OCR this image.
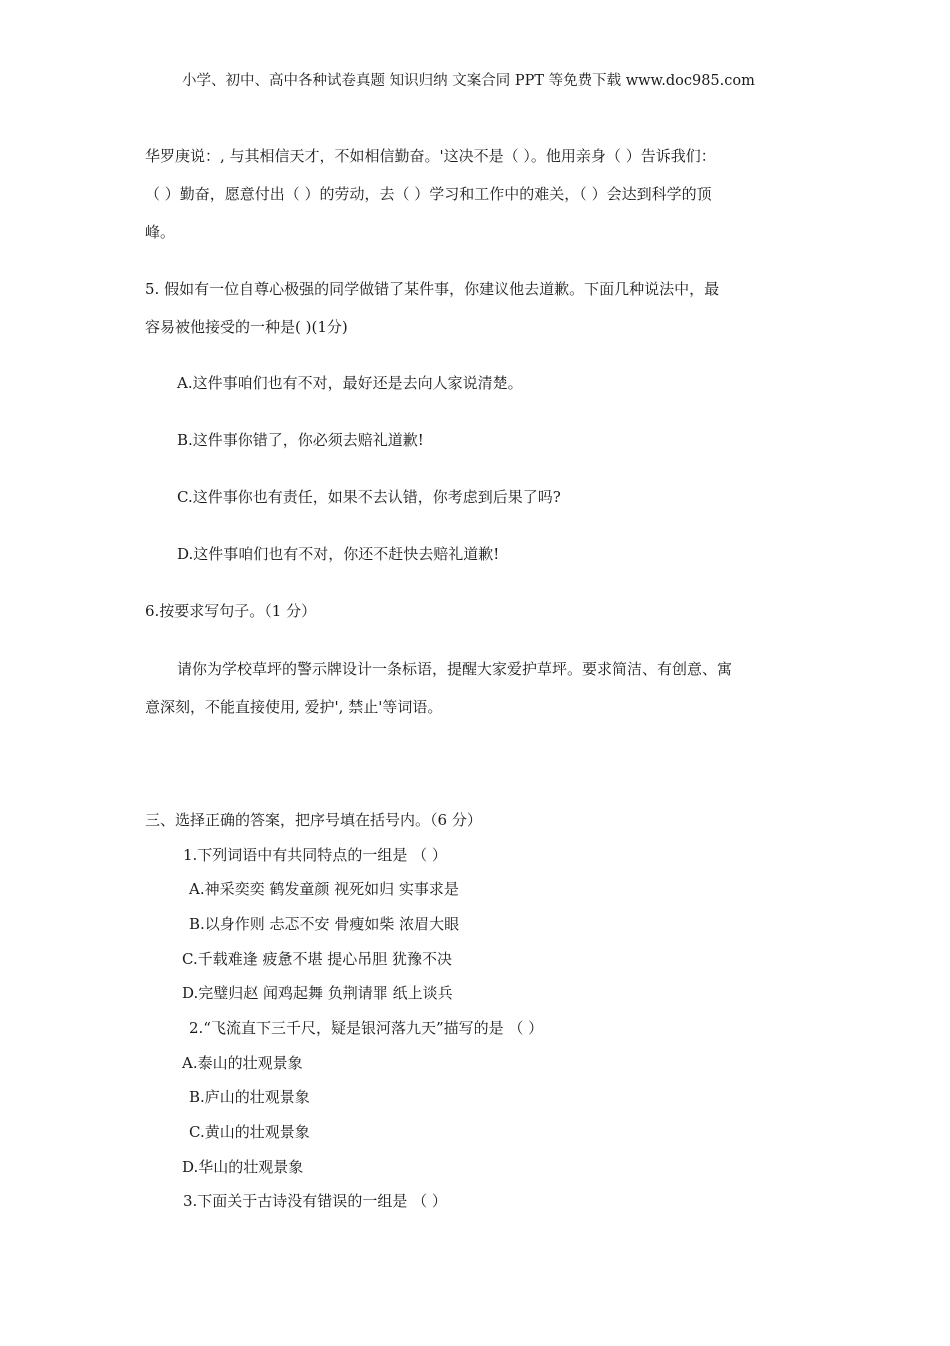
小学、初中、高中各种试卷真题 知识归纳 文案合同 PPT 等免费下载 www.doc985.com
华罗庚说：, 与其相信天才，不如相信勤奋。'这决不是（ ）。他用亲身（ ）告诉我们：
（ ）勤奋，愿意付出（ ）的劳动，去（ ）学习和工作中的难关，（ ）会达到科学的顶
峰。
5. 假如有一位自尊心极强的同学做错了某件事，你建议他去道歉。下面几种说法中，最
容易被他接受的一种是( )(1分)
A.这件事咱们也有不对，最好还是去向人家说清楚。
B.这件事你错了，你必须去赔礼道歉!
C.这件事你也有责任，如果不去认错，你考虑到后果了吗?
D.这件事咱们也有不对，你还不赶快去赔礼道歉!
6.按要求写句子。（1 分）
请你为学校草坪的警示牌设计一条标语，提醒大家爱护草坪。要求简洁、有创意、寓
意深刻，不能直接使用, 爱护', 禁止'等词语。
三、选择正确的答案，把序号填在括号内。（6 分）
1.下列词语中有共同特点的一组是 （ ）
A.神采奕奕 鹤发童颜 视死如归 实事求是
B.以身作则 忐忑不安 骨瘦如柴 浓眉大眼
C.千载难逢 疲惫不堪 提心吊胆 犹豫不决
D.完璧归赵 闻鸡起舞 负荆请罪 纸上谈兵
2.“飞流直下三千尺，疑是银河落九天”描写的是 （ ）
A.泰山的壮观景象
B.庐山的壮观景象
C.黄山的壮观景象
D.华山的壮观景象
3.下面关于古诗没有错误的一组是 （ ）
